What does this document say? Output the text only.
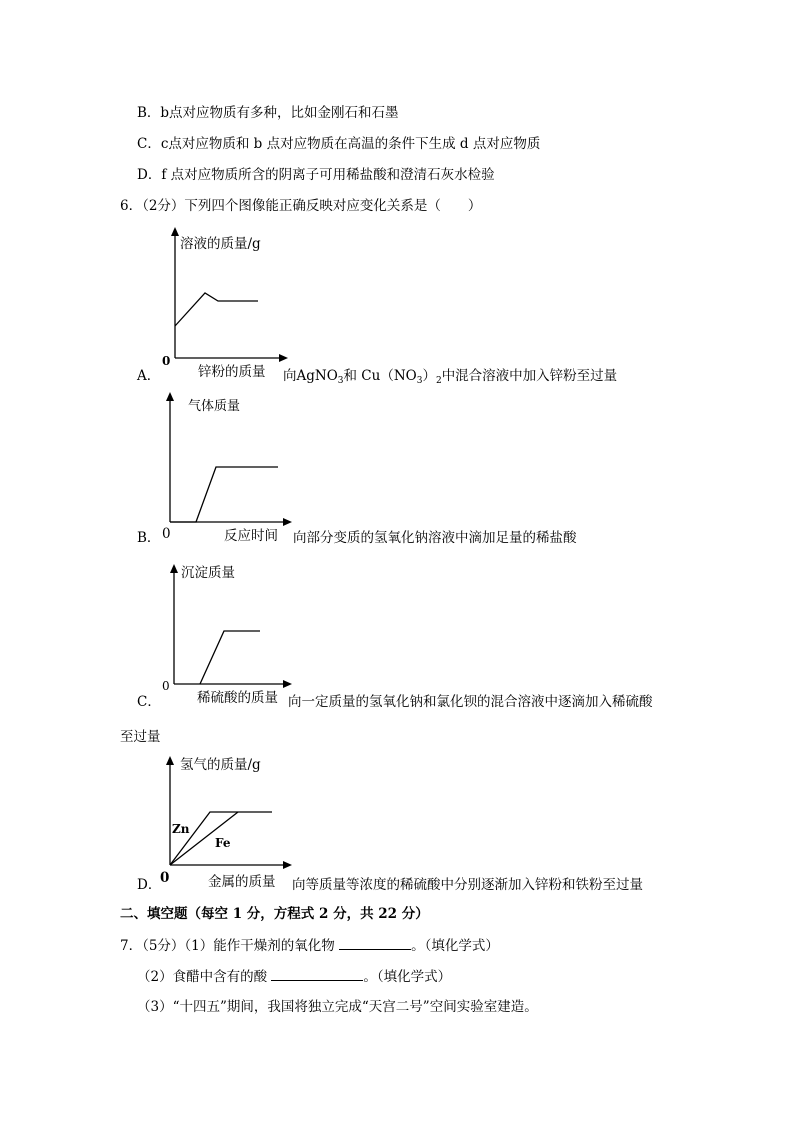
B．b点对应物质有多种，比如金刚石和石墨
C．c点对应物质和 b 点对应物质在高温的条件下生成 d 点对应物质
D．f 点对应物质所含的阴离子可用稀盐酸和澄清石灰水检验
6．（2分）下列四个图像能正确反映对应变化关系是（　　）
溶液的质量/g
0
A．	锌粉的质量 向AgNO$_3$和 $Cu(NO_3)_2$中混合溶液中加入锌粉至过量
气体质量
B． 0	反应时间 向部分变质的氢氧化钠溶液中滴加足量的稀盐酸
沉淀质量
0
C．	稀硫酸的质量 向一定质量的氢氧化钠和氯化钡的混合溶液中逐滴加入稀硫酸
至过量
氢气的质量/g
Zn
Fe
D．
0	金属的质量 向等质量等浓度的稀硫酸中分别逐渐加入锌粉和铁粉至过量
二、填空题（每空 1 分，方程式 2 分，共 22 分）
7．（5分）（1）能作干燥剂的氧化物	。（填化学式）
（2）食醋中含有的酸	。（填化学式）
（3）“十四五”期间，我国将独立完成“天宫二号”空间实验室建造。
